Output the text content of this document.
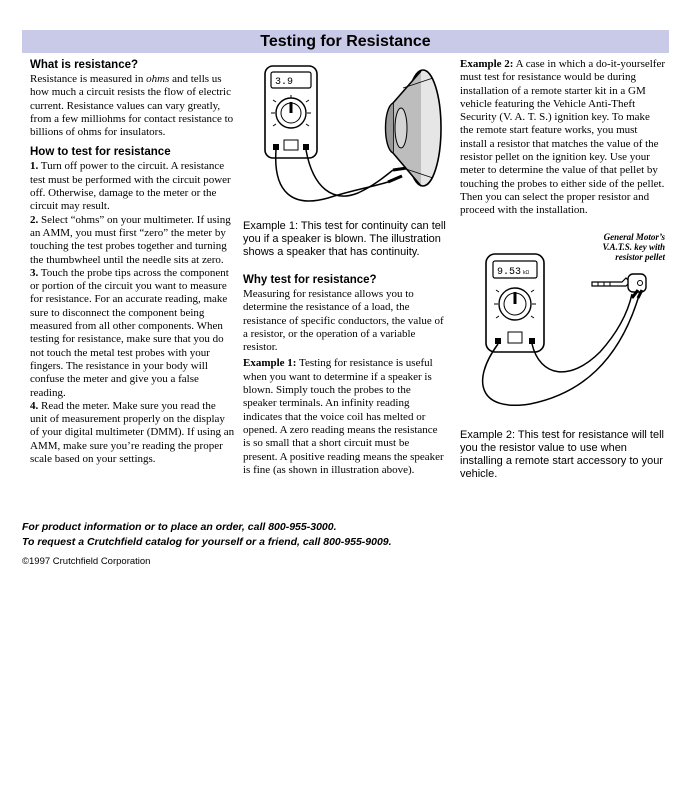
Testing for Resistance

What is resistance?

Resistance is measured in ohms and tells us how much a circuit resists the flow of electric current. Resistance values can vary greatly, from a few milliohms for contact resistance to billions of ohms for insulators.

How to test for resistance

1. Turn off power to the circuit. A resistance test must be performed with the circuit power off. Otherwise, damage to the meter or the circuit may result.

2. Select “ohms” on your multimeter. If using an AMM, you must first “zero” the meter by touching the test probes together and turning the thumbwheel until the needle sits at zero.

3. Touch the probe tips across the component or portion of the circuit you want to measure for resistance. For an accurate reading, make sure to disconnect the component being measured from all other components. When testing for resistance, make sure that you do not touch the metal test probes with your fingers. The resistance in your body will confuse the meter and give you a false reading.

4. Read the meter. Make sure you read the unit of measurement properly on the display of your digital multimeter (DMM). If using an AMM, make sure you’re reading the proper scale based on your settings.

3.9

Example 1: This test for continuity can tell you if a speaker is blown. The illustration shows a speaker that has continuity.

Why test for resistance?

Measuring for resistance allows you to determine the resistance of a load, the resistance of specific conductors, the value of a resistor, or the operation of a variable resistor.

Example 1: Testing for resistance is useful when you want to determine if a speaker is blown. Simply touch the probes to the speaker terminals. An infinity reading indicates that the voice coil has melted or opened. A zero reading means the resistance is so small that a short circuit must be present. A positive reading means the speaker is fine (as shown in illustration above).

Example 2: A case in which a do-it-yourselfer must test for resistance would be during installation of a remote starter kit in a GM vehicle featuring the Vehicle Anti-Theft Security (V. A. T. S.) ignition key. To make the remote start feature works, you must install a resistor that matches the value of the resistor pellet on the ignition key. Use your meter to determine the value of that pellet by touching the probes to either side of the pellet. Then you can select the proper resistor and proceed with the installation.

General Motor’s
V.A.T.S. key with
resistor pellet
9.53 kΩ

Example 2: This test for resistance will tell you the resistor value to use when installing a remote start accessory to your vehicle.

For product information or to place an order, call 800-955-3000.

To request a Crutchfield catalog for yourself or a friend, call 800-955-9009.

©1997 Crutchfield Corporation
